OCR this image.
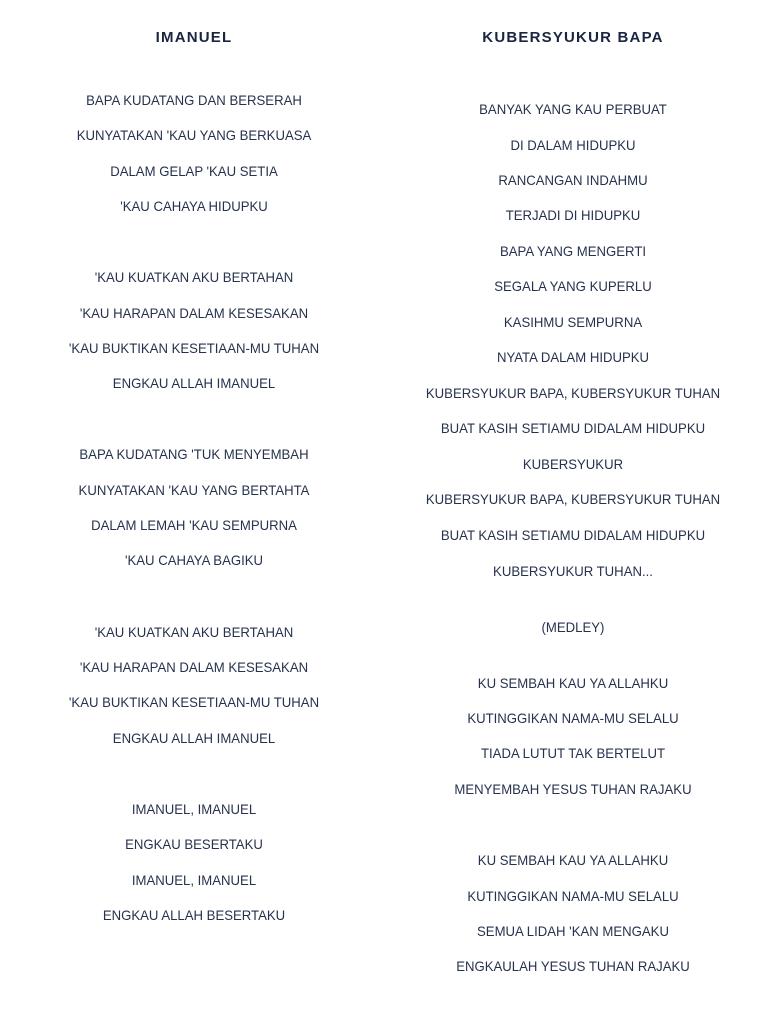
IMANUEL
BAPA KUDATANG DAN BERSERAH
KUNYATAKAN 'KAU YANG BERKUASA
DALAM GELAP 'KAU SETIA
'KAU CAHAYA HIDUPKU
'KAU KUATKAN AKU BERTAHAN
'KAU HARAPAN DALAM KESESAKAN
'KAU BUKTIKAN KESETIAAN-MU TUHAN
ENGKAU ALLAH IMANUEL
BAPA KUDATANG 'TUK MENYEMBAH
KUNYATAKAN 'KAU YANG BERTAHTA
DALAM LEMAH 'KAU SEMPURNA
'KAU CAHAYA BAGIKU
'KAU KUATKAN AKU BERTAHAN
'KAU HARAPAN DALAM KESESAKAN
'KAU BUKTIKAN KESETIAAN-MU TUHAN
ENGKAU ALLAH IMANUEL
IMANUEL, IMANUEL
ENGKAU BESERTAKU
IMANUEL, IMANUEL
ENGKAU ALLAH BESERTAKU
KUBERSYUKUR BAPA
BANYAK YANG KAU PERBUAT
DI DALAM HIDUPKU
RANCANGAN INDAHMU
TERJADI DI HIDUPKU
BAPA YANG MENGERTI
SEGALA YANG KUPERLU
KASIHMU SEMPURNA
NYATA DALAM HIDUPKU
KUBERSYUKUR BAPA, KUBERSYUKUR TUHAN
BUAT KASIH SETIAMU DIDALAM HIDUPKU
KUBERSYUKUR
KUBERSYUKUR BAPA, KUBERSYUKUR TUHAN
BUAT KASIH SETIAMU DIDALAM HIDUPKU
KUBERSYUKUR TUHAN...
(MEDLEY)
KU SEMBAH KAU YA ALLAHKU
KUTINGGIKAN NAMA-MU SELALU
TIADA LUTUT TAK BERTELUT
MENYEMBAH YESUS TUHAN RAJAKU
KU SEMBAH KAU YA ALLAHKU
KUTINGGIKAN NAMA-MU SELALU
SEMUA LIDAH 'KAN MENGAKU
ENGKAULAH YESUS TUHAN RAJAKU
